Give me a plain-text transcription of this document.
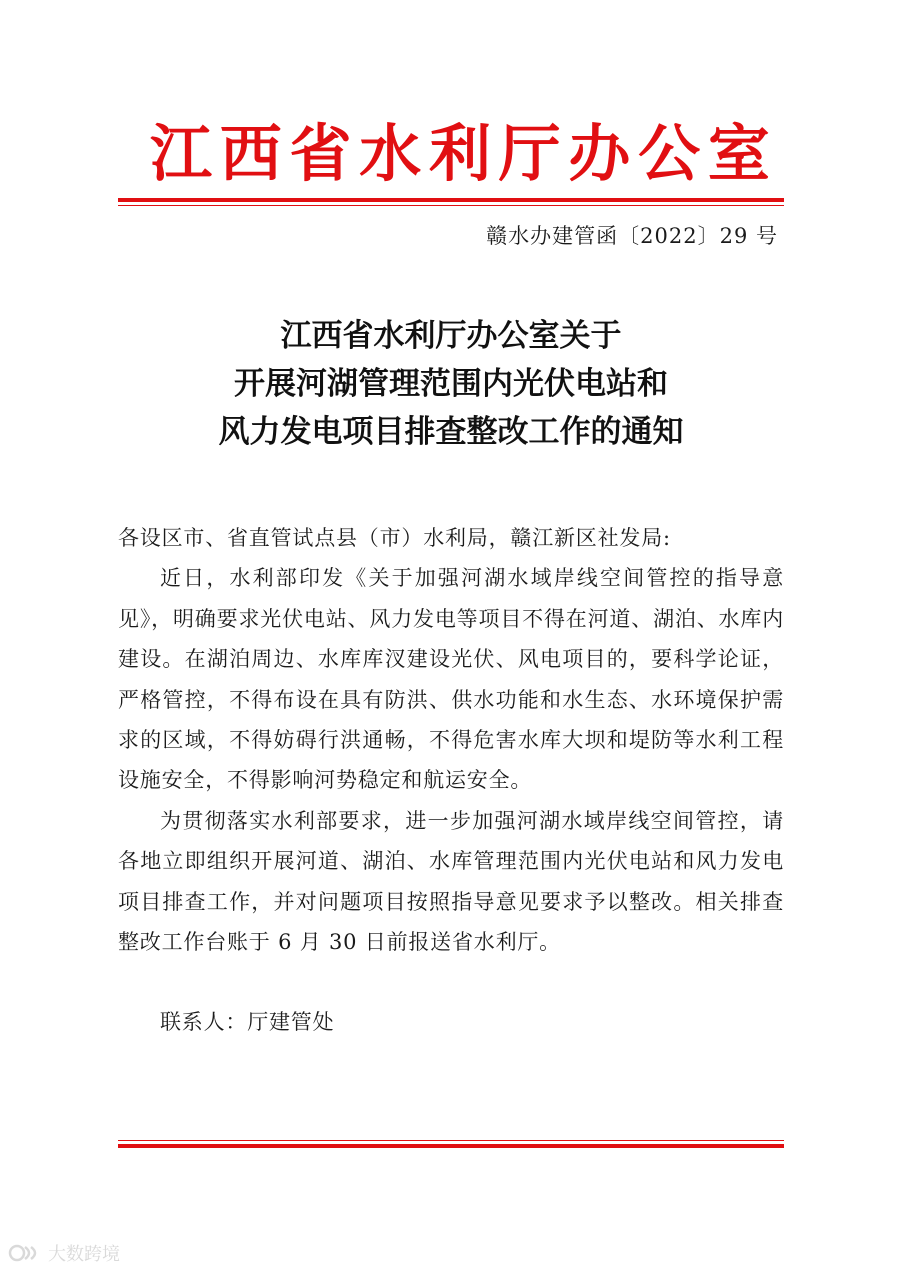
江 西 省 水 利 厅 办 公 室
赣水办建管函〔2022〕29 号
江西省水利厅办公室关于
开展河湖管理范围内光伏电站和
风力发电项目排查整改工作的通知

各设区市、省直管试点县（市）水利局，赣江新区社发局:

近日，水利部印发《关于加强河湖水域岸线空间管控的指导意见》，明确要求光伏电站、风力发电等项目不得在河道、湖泊、水库内建设。在湖泊周边、水库库汊建设光伏、风电项目的，要科学论证，严格管控，不得布设在具有防洪、供水功能和水生态、水环境保护需求的区域，不得妨碍行洪通畅，不得危害水库大坝和堤防等水利工程设施安全，不得影响河势稳定和航运安全。

为贯彻落实水利部要求，进一步加强河湖水域岸线空间管控，请各地立即组织开展河道、湖泊、水库管理范围内光伏电站和风力发电项目排查工作，并对问题项目按照指导意见要求予以整改。相关排查整改工作台账于 6 月 30 日前报送省水利厅。

联系人：厅建管处

大数跨境
